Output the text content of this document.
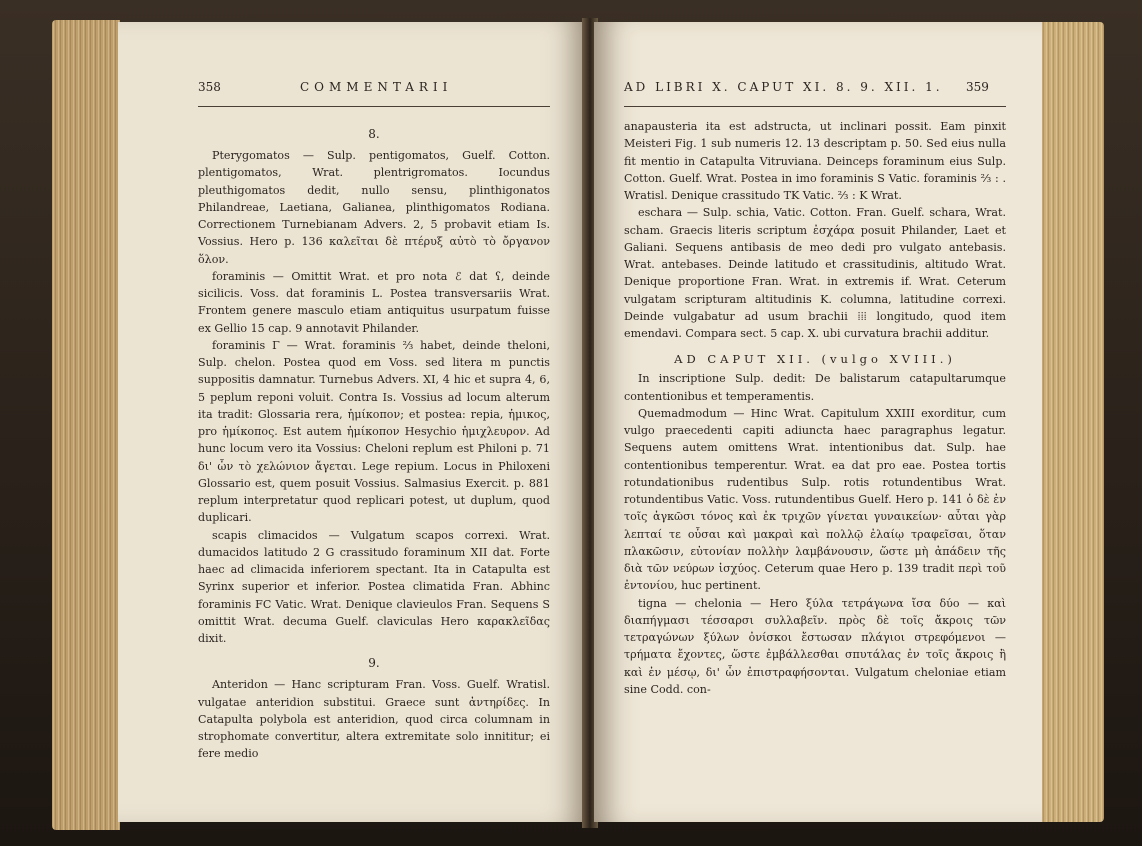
358	COMMENTARII
8.

Pterygomatos — Sulp. pentigomatos, Guelf. Cotton. plentigomatos, Wrat. plentrigromatos. Iocundus pleuthigomatos dedit, nullo sensu, plinthigonatos Philandreae, Laetiana, Galianea, plinthigomatos Rodiana. Correctionem Turnebianam Advers. 2, 5 probavit etiam Is. Vossius. Hero p. 136 καλεῖται δὲ πτέρυξ αὐτὸ τὸ ὄργανον ὅλον.

foraminis — Omittit Wrat. et pro nota ℰ dat ʕ, deinde sicilicis. Voss. dat foraminis L. Postea transversariis Wrat. Frontem genere masculo etiam antiquitus usurpatum fuisse ex Gellio 15 cap. 9 annotavit Philander.

foraminis Γ — Wrat. foraminis ⅔ habet, deinde theloni, Sulp. chelon. Postea quod em Voss. sed litera m punctis suppositis damnatur. Turnebus Advers. XI, 4 hic et supra 4, 6, 5 peplum reponi voluit. Contra Is. Vossius ad locum alterum ita tradit: Glossaria rera, ἡμίκοπον; et postea: repia, ἡμικος, pro ἡμίκοπος. Est autem ἡμίκοπον Hesychio ἡμιχλευρον. Ad hunc locum vero ita Vossius: Cheloni replum est Philoni p. 71 δι' ὧν τὸ χελώνιον ἄγεται. Lege repium. Locus in Philoxeni Glossario est, quem posuit Vossius. Salmasius Exercit. p. 881 replum interpretatur quod replicari potest, ut duplum, quod duplicari.

scapis climacidos — Vulgatum scapos correxi. Wrat. dumacidos latitudo 2 G crassitudo foraminum XII dat. Forte haec ad climacida inferiorem spectant. Ita in Catapulta est Syrinx superior et inferior. Postea climatida Fran. Abhinc foraminis FC Vatic. Wrat. Denique clavieulos Fran. Sequens S omittit Wrat. decuma Guelf. claviculas Hero καρακλεῖδας dixit.

9.

Anteridon — Hanc scripturam Fran. Voss. Guelf. Wratisl. vulgatae anteridion substitui. Graece sunt ἀντηρίδες. In Catapulta polybola est anteridion, quod circa columnam in strophomate convertitur, altera extremitate solo innititur; ei fere medio

AD LIBRI X. CAPUT XI. 8. 9. XII. 1. 359

anapausteria ita est adstructa, ut inclinari possit. Eam pinxit Meisteri Fig. 1 sub numeris 12. 13 descriptam p. 50. Sed eius nulla fit mentio in Catapulta Vitruviana. Deinceps foraminum eius Sulp. Cotton. Guelf. Wrat. Postea in imo foraminis S Vatic. foraminis ⅔ : . Wratisl. Denique crassitudo TK Vatic. ⅔ : K Wrat.

eschara — Sulp. schia, Vatic. Cotton. Fran. Guelf. schara, Wrat. scham. Graecis literis scriptum ἐσχάρα posuit Philander, Laet et Galiani. Sequens antibasis de meo dedi pro vulgato antebasis. Wrat. antebases. Deinde latitudo et crassitudinis, altitudo Wrat. Denique proportione Fran. Wrat. in extremis if. Wrat. Ceterum vulgatam scripturam altitudinis K. columna, latitudine correxi. Deinde vulgabatur ad usum brachii ⁞⁞⁞ longitudo, quod item emendavi. Compara sect. 5 cap. X. ubi curvatura brachii additur.

AD CAPUT XII. (vulgo XVIII.)

In inscriptione Sulp. dedit: De balistarum catapultarumque contentionibus et temperamentis.

Quemadmodum — Hinc Wrat. Capitulum XXIII exorditur, cum vulgo praecedenti capiti adiuncta haec paragraphus legatur. Sequens autem omittens Wrat. intentionibus dat. Sulp. hae contentionibus temperentur. Wrat. ea dat pro eae. Postea tortis rotundationibus rudentibus Sulp. rotis rotundentibus Wrat. rotundentibus Vatic. Voss. rutundentibus Guelf. Hero p. 141 ὁ δὲ ἐν τοῖς ἀγκῶσι τόνος καὶ ἐκ τριχῶν γίνεται γυναικείων· αὗται γὰρ λεπταί τε οὖσαι καὶ μακραὶ καὶ πολλῷ ἐλαίῳ τραφεῖσαι, ὅταν πλακῶσιν, εὐτονίαν πολλὴν λαμβάνουσιν, ὥστε μὴ ἀπάδειν τῆς διὰ τῶν νεύρων ἰσχύος. Ceterum quae Hero p. 139 tradit περὶ τοῦ ἐντονίου, huc pertinent.

tigna — chelonia — Hero ξύλα τετράγωνα ἴσα δύο — καὶ διαπήγμασι τέσσαρσι συλλαβεῖν. πρὸς δὲ τοῖς ἄκροις τῶν τετραγώνων ξύλων ὀνίσκοι ἔστωσαν πλάγιοι στρεφόμενοι — τρήματα ἔχοντες, ὥστε ἐμβάλλεσθαι σπυτάλας ἐν τοῖς ἄκροις ἢ καὶ ἐν μέσῳ, δι' ὧν ἐπιστραφήσονται. Vulgatum cheloniae etiam sine Codd. con-
